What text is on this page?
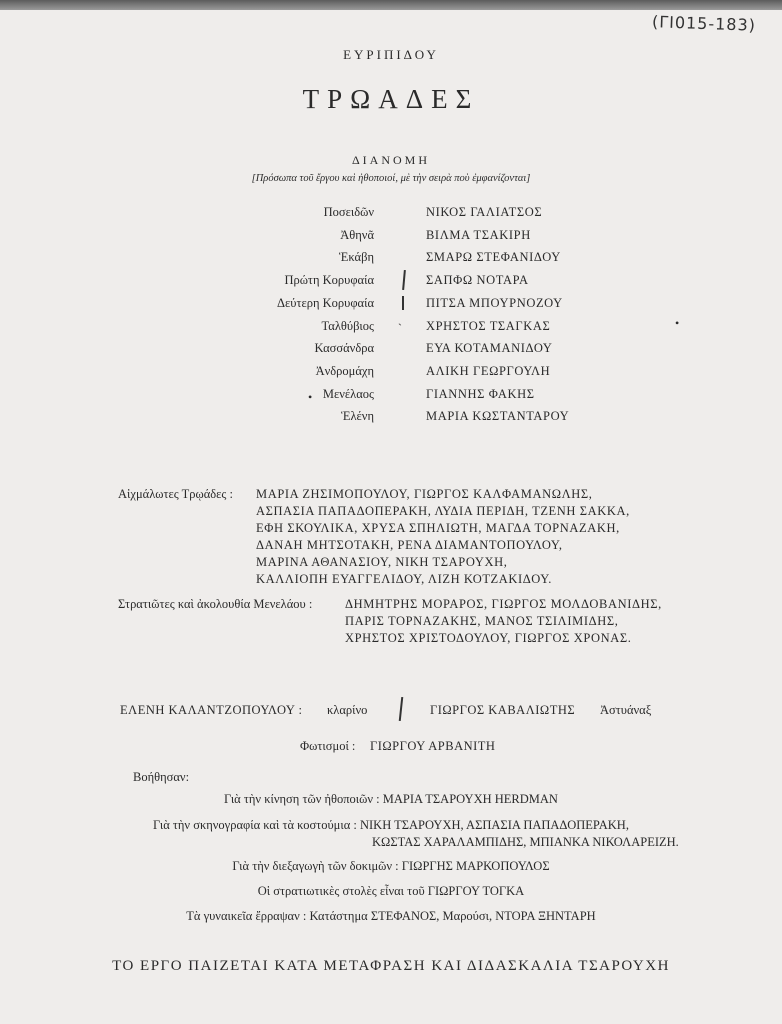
(ΓΙ015-183)
ΕΥΡΙΠΙΔΟΥ
ΤΡΩΑΔΕΣ
ΔΙΑΝΟΜΗ
[Πρόσωπα τοῦ ἔργου καὶ ἠθοποιοί, μὲ τὴν σειρὰ ποὺ ἐμφανίζονται]
Ποσειδῶν	ΝΙΚΟΣ ΓΑΛΙΑΤΣΟΣ
Ἀθηνᾶ	ΒΙΛΜΑ ΤΣΑΚΙΡΗ
Ἑκάβη	ΣΜΑΡΩ ΣΤΕΦΑΝΙΔΟΥ
Πρώτη Κορυφαία	ΣΑΠΦΩ ΝΟΤΑΡΑ
Δεύτερη Κορυφαία	ΠΙΤΣΑ ΜΠΟΥΡΝΟΖΟΥ
Ταλθύβιος	ΧΡΗΣΤΟΣ ΤΣΑΓΚΑΣ
Κασσάνδρα	ΕΥΑ ΚΟΤΑΜΑΝΙΔΟΥ
Ἀνδρομάχη	ΑΛΙΚΗ ΓΕΩΡΓΟΥΛΗ
Μενέλαος	ΓΙΑΝΝΗΣ ΦΑΚΗΣ
Ἑλένη	ΜΑΡΙΑ ΚΩΣΤΑΝΤΑΡΟΥ
ˏ	•
•
Αἰχμάλωτες Τρῳάδες : ΜΑΡΙΑ ΖΗΣΙΜΟΠΟΥΛΟΥ, ΓΙΩΡΓΟΣ ΚΑΛΦΑΜΑΝΩΛΗΣ,
ΑΣΠΑΣΙΑ ΠΑΠΑΔΟΠΕΡΑΚΗ, ΛΥΔΙΑ ΠΕΡΙΔΗ, ΤΖΕΝΗ ΣΑΚΚΑ,
ΕΦΗ ΣΚΟΥΛΙΚΑ, ΧΡΥΣΑ ΣΠΗΛΙΩΤΗ, ΜΑΓΔΑ ΤΟΡΝΑΖΑΚΗ,
ΔΑΝΑΗ ΜΗΤΣΟΤΑΚΗ, ΡΕΝΑ ΔΙΑΜΑΝΤΟΠΟΥΛΟΥ,
ΜΑΡΙΝΑ ΑΘΑΝΑΣΙΟΥ, ΝΙΚΗ ΤΣΑΡΟΥΧΗ,
ΚΑΛΛΙΟΠΗ ΕΥΑΓΓΕΛΙΔΟΥ, ΛΙΖΗ ΚΟΤΖΑΚΙΔΟΥ.
Στρατιῶτες καὶ ἀκολουθία Μενελάου :	ΔΗΜΗΤΡΗΣ ΜΟΡΑΡΟΣ, ΓΙΩΡΓΟΣ ΜΟΛΔΟΒΑΝΙΔΗΣ,
ΠΑΡΙΣ ΤΟΡΝΑΖΑΚΗΣ, ΜΑΝΟΣ ΤΣΙΛΙΜΙΔΗΣ,
ΧΡΗΣΤΟΣ ΧΡΙΣΤΟΔΟΥΛΟΥ, ΓΙΩΡΓΟΣ ΧΡΟΝΑΣ.
ΕΛΕΝΗ ΚΑΛΑΝΤΖΟΠΟΥΛΟΥ : κλαρίνο	ΓΙΩΡΓΟΣ ΚΑΒΑΛΙΩΤΗΣ Ἀστυάναξ
Φωτισμοί : ΓΙΩΡΓΟΥ ΑΡΒΑΝΙΤΗ
Βοήθησαν:
Γιὰ τὴν κίνηση τῶν ἠθοποιῶν : ΜΑΡΙΑ ΤΣΑΡΟΥΧΗ HERDMAN
Γιὰ τὴν σκηνογραφία καὶ τὰ κοστούμια : ΝΙΚΗ ΤΣΑΡΟΥΧΗ, ΑΣΠΑΣΙΑ ΠΑΠΑΔΟΠΕΡΑΚΗ,
ΚΩΣΤΑΣ ΧΑΡΑΛΑΜΠΙΔΗΣ, ΜΠΙΑΝΚΑ ΝΙΚΟΛΑΡΕΙΖΗ.
Γιὰ τὴν διεξαγωγὴ τῶν δοκιμῶν : ΓΙΩΡΓΗΣ ΜΑΡΚΟΠΟΥΛΟΣ
Οἱ στρατιωτικὲς στολὲς εἶναι τοῦ ΓΙΩΡΓΟΥ ΤΟΓΚΑ
Τὰ γυναικεῖα ἔρραψαν : Κατάστημα ΣΤΕΦΑΝΟΣ, Μαρούσι, ΝΤΟΡΑ ΞΗΝΤΑΡΗ
ΤΟ ΕΡΓΟ ΠΑΙΖΕΤΑΙ ΚΑΤΑ ΜΕΤΑΦΡΑΣΗ ΚΑΙ ΔΙΔΑΣΚΑΛΙΑ ΤΣΑΡΟΥΧΗ
